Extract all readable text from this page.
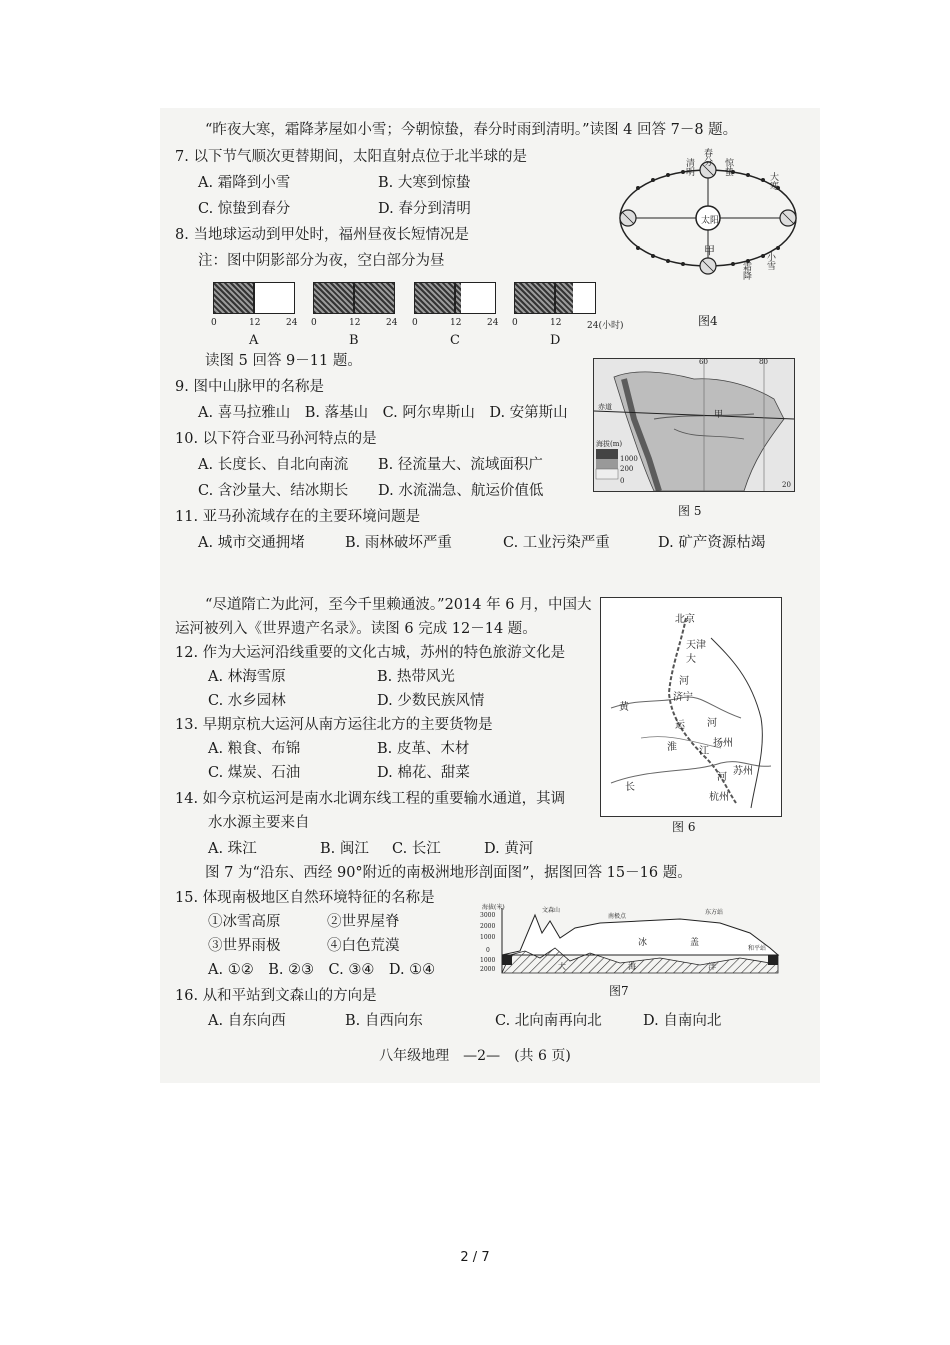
“昨夜大寒，霜降茅屋如小雪；今朝惊蛰，春分时雨到清明。”读图 4 回答 7－8 题。
7. 以下节气顺次更替期间，太阳直射点位于北半球的是
A. 霜降到小雪	B. 大寒到惊蛰
C. 惊蛰到春分	D. 春分到清明
8. 当地球运动到甲处时，福州昼夜长短情况是
注：图中阴影部分为夜，空白部分为昼
0	12	24
A
0	12	24
B
0	12	24
C
0	12	24(小时)
D
太阳
甲
清明
春分
惊蛰
大寒
小雪
霜降
图4
读图 5 回答 9－11 题。
9. 图中山脉甲的名称是
A. 喜马拉雅山　B. 落基山　C. 阿尔卑斯山　D. 安第斯山
10. 以下符合亚马孙河特点的是
A. 长度长、自北向南流 B. 径流量大、流域面积广
C. 含沙量大、结冰期长 D. 水流湍急、航运价值低
11. 亚马孙流域存在的主要环境问题是
A. 城市交通拥堵	B. 雨林破坏严重	C. 工业污染严重	D. 矿产资源枯竭
60	80
赤道
甲
海拔(m)
1000
200
0	20
图 5
“尽道隋亡为此河，至今千里赖通波。”2014 年 6 月，中国大
运河被列入《世界遗产名录》。读图 6 完成 12－14 题。
12. 作为大运河沿线重要的文化古城，苏州的特色旅游文化是
A. 林海雪原	B. 热带风光
C. 水乡园林	D. 少数民族风情
13. 早期京杭大运河从南方运往北方的主要货物是
A. 粮食、布锦	B. 皮革、木材
C. 煤炭、石油	D. 棉花、甜菜
14. 如今京杭运河是南水北调东线工程的重要输水通道，其调
水水源主要来自
A. 珠江	B. 闽江 C. 长江	D. 黄河
北京
天津
大
河
黄
济宁
运
淮
河
江
扬州
苏州
河
杭州
长
图 6
图 7 为“沿东、西经 90°附近的南极洲地形剖面图”，据图回答 15－16 题。
15. 体现南极地区自然环境特征的名称是
①冰雪高原	②世界屋脊
③世界雨极	④白色荒漠
A. ①②　B. ②③　C. ③④　D. ①④
16. 从和平站到文森山的方向是
A. 自东向西	B. 自西向东	C. 北向南再向北	D. 自南向北
海拔(米)
3000
2000
1000
0
1000
2000
文森山
南极点
东方站
和平站
冰	盖
大	海	洋
图7
八年级地理　—2—　(共 6 页)
2 / 7
